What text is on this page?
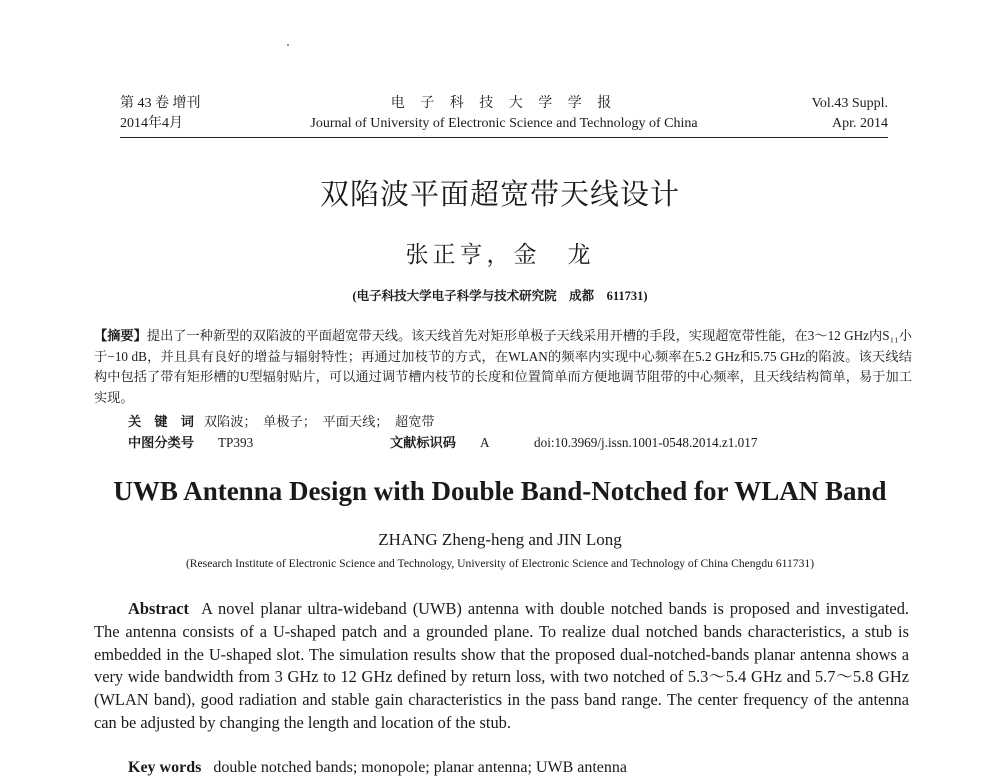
第 43 卷 增刊	电 子 科 技 大 学 学 报	Vol.43 Suppl.
2014年4月	Journal of University of Electronic Science and Technology of China	Apr. 2014
双陷波平面超宽带天线设计
张正亨，金　龙
(电子科技大学电子科学与技术研究院　成都　611731)
【摘要】提出了一种新型的双陷波的平面超宽带天线。该天线首先对矩形单极子天线采用开槽的手段，实现超宽带性能，在3～12 GHz内S₁₁小于−10 dB，并且具有良好的增益与辐射特性；再通过加枝节的方式，在WLAN的频率内实现中心频率在5.2 GHz和5.75 GHz的陷波。该天线结构中包括了带有矩形槽的U型辐射贴片，可以通过调节槽内枝节的长度和位置简单而方便地调节阻带的中心频率，且天线结构简单，易于加工实现。
关　键　词 双陷波；　单极子；　平面天线；　超宽带
中图分类号 TP393	文献标识码 A	doi:10.3969/j.issn.1001-0548.2014.z1.017
UWB Antenna Design with Double Band-Notched for WLAN Band
ZHANG Zheng-heng and JIN Long
(Research Institute of Electronic Science and Technology, University of Electronic Science and Technology of China Chengdu 611731)
Abstract A novel planar ultra-wideband (UWB) antenna with double notched bands is proposed and investigated. The antenna consists of a U-shaped patch and a grounded plane. To realize dual notched bands characteristics, a stub is embedded in the U-shaped slot. The simulation results show that the proposed dual-notched-bands planar antenna shows a very wide bandwidth from 3 GHz to 12 GHz defined by return loss, with two notched of 5.3～5.4 GHz and 5.7～5.8 GHz (WLAN band), good radiation and stable gain characteristics in the pass band range. The center frequency of the antenna can be adjusted by changing the length and location of the stub.
Key words double notched bands; monopole; planar antenna; UWB antenna
